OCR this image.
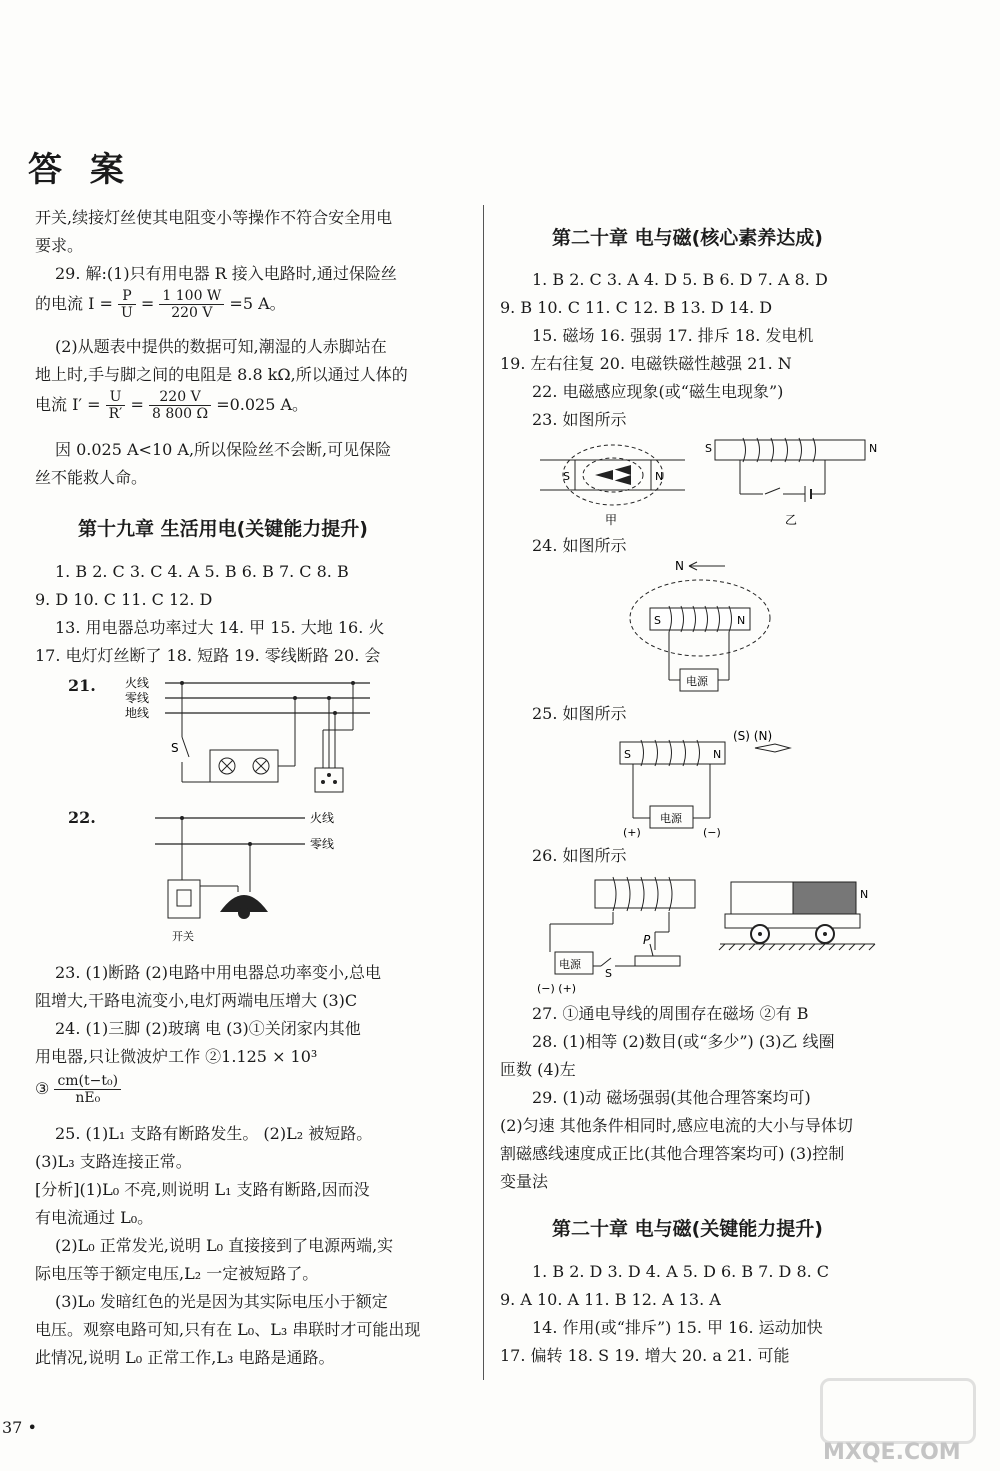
答 案
开关,续接灯丝使其电阻变小等操作不符合安全用电
要求。
29. 解:(1)只有用电器 R 接入电路时,通过保险丝
的电流 $I = \frac{P}{U} = \frac{1 100 W}{220 V} =5$ A。
(2)从题表中提供的数据可知,潮湿的人赤脚站在
地上时,手与脚之间的电阻是 8.8 kΩ,所以通过人体的
电流 $I' = \frac{U}{R'} = \frac{220 V}{8 800 \Omega} =0.025$ A。
因 0.025 A<10 A,所以保险丝不会断,可见保险
丝不能救人命。
第十九章 生活用电(关键能力提升)
1. B 2. C 3. C 4. A 5. B 6. B 7. C 8. B
9. D 10. C 11. C 12. D
13. 用电器总功率过大 14. 甲 15. 大地 16. 火
17. 电灯灯丝断了 18. 短路 19. 零线断路 20. 会
21. 火线
零线
地线
S
22.	火线
零线
开关
23. (1)断路 (2)电路中用电器总功率变小,总电
阻增大,干路电流变小,电灯两端电压增大 (3)C
24. (1)三脚 (2)玻璃 电 (3)①关闭家内其他
用电器,只让微波炉工作 ②1.125 × 10³
③ $\frac{\text{cm(t−t₀)}}{\text{nE₀}}$
25. (1)L₁ 支路有断路发生。 (2)L₂ 被短路。
(3)L₃ 支路连接正常。
[分析](1)L₀ 不亮,则说明 L₁ 支路有断路,因而没
有电流通过 L₀。
(2)L₀ 正常发光,说明 L₀ 直接接到了电源两端,实
际电压等于额定电压,L₂ 一定被短路了。
(3)L₀ 发暗红色的光是因为其实际电压小于额定
电压。观察电路可知,只有在 L₀、L₃ 串联时才可能出现
此情况,说明 L₀ 正常工作,L₃ 电路是通路。
37 •
第二十章 电与磁(核心素养达成)
1. B 2. C 3. A 4. D 5. B 6. D 7. A 8. D
9. B 10. C 11. C 12. B 13. D 14. D
15. 磁场 16. 强弱 17. 排斥 18. 发电机
19. 左右往复 20. 电磁铁磁性越强 21. N
22. 电磁感应现象(或“磁生电现象”)
23. 如图所示
S	N
甲
S	N
乙
24. 如图所示
N
S	N
电源
25. 如图所示
(S) (N)
S	N
电源
(+)	(−)
26. 如图所示
电源
S
P
(−) (+)
N
27. ①通电导线的周围存在磁场 ②有 B
28. (1)相等 (2)数目(或“多少”) (3)乙 线圈
匝数 (4)左
29. (1)动 磁场强弱(其他合理答案均可)
(2)匀速 其他条件相同时,感应电流的大小与导体切
割磁感线速度成正比(其他合理答案均可) (3)控制
变量法
第二十章 电与磁(关键能力提升)
1. B 2. D 3. D 4. A 5. D 6. B 7. D 8. C
9. A 10. A 11. B 12. A 13. A
14. 作用(或“排斥”) 15. 甲 16. 运动加快
17. 偏转 18. S 19. 增大 20. a 21. 可能
MXQE.COM
